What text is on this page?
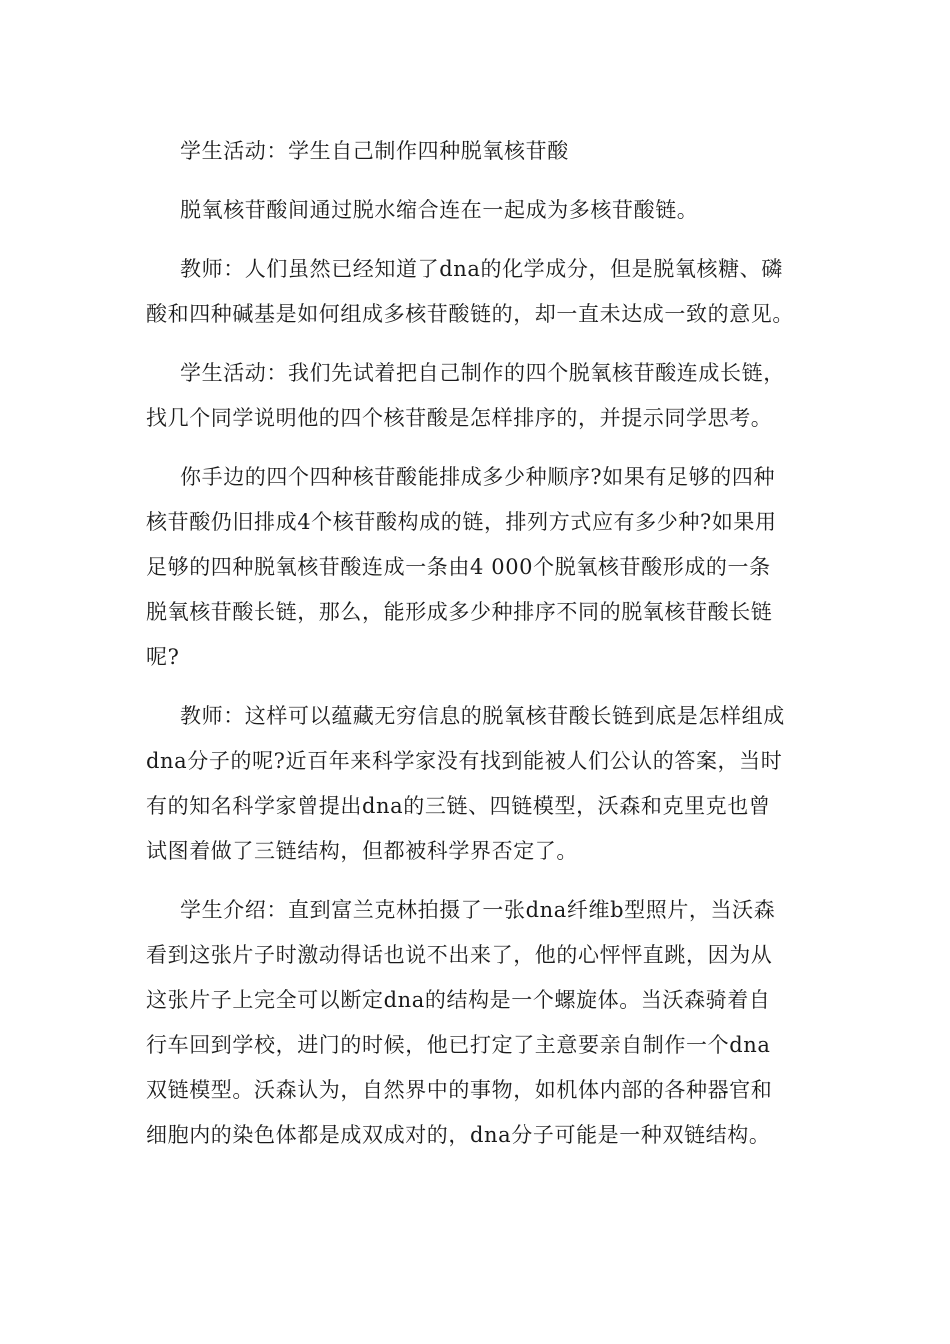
学生活动：学生自己制作四种脱氧核苷酸

脱氧核苷酸间通过脱水缩合连在一起成为多核苷酸链。

教师：人们虽然已经知道了dna的化学成分，但是脱氧核糖、磷
酸和四种碱基是如何组成多核苷酸链的，却一直未达成一致的意见。

学生活动：我们先试着把自己制作的四个脱氧核苷酸连成长链，
找几个同学说明他的四个核苷酸是怎样排序的，并提示同学思考。

你手边的四个四种核苷酸能排成多少种顺序?如果有足够的四种
核苷酸仍旧排成4个核苷酸构成的链，排列方式应有多少种?如果用
足够的四种脱氧核苷酸连成一条由4 000个脱氧核苷酸形成的一条
脱氧核苷酸长链，那么，能形成多少种排序不同的脱氧核苷酸长链
呢?

教师：这样可以蕴藏无穷信息的脱氧核苷酸长链到底是怎样组成
dna分子的呢?近百年来科学家没有找到能被人们公认的答案，当时
有的知名科学家曾提出dna的三链、四链模型，沃森和克里克也曾
试图着做了三链结构，但都被科学界否定了。

学生介绍：直到富兰克林拍摄了一张dna纤维b型照片，当沃森
看到这张片子时激动得话也说不出来了，他的心怦怦直跳，因为从
这张片子上完全可以断定dna的结构是一个螺旋体。当沃森骑着自
行车回到学校，进门的时候，他已打定了主意要亲自制作一个dna
双链模型。沃森认为，自然界中的事物，如机体内部的各种器官和
细胞内的染色体都是成双成对的，dna分子可能是一种双链结构。
